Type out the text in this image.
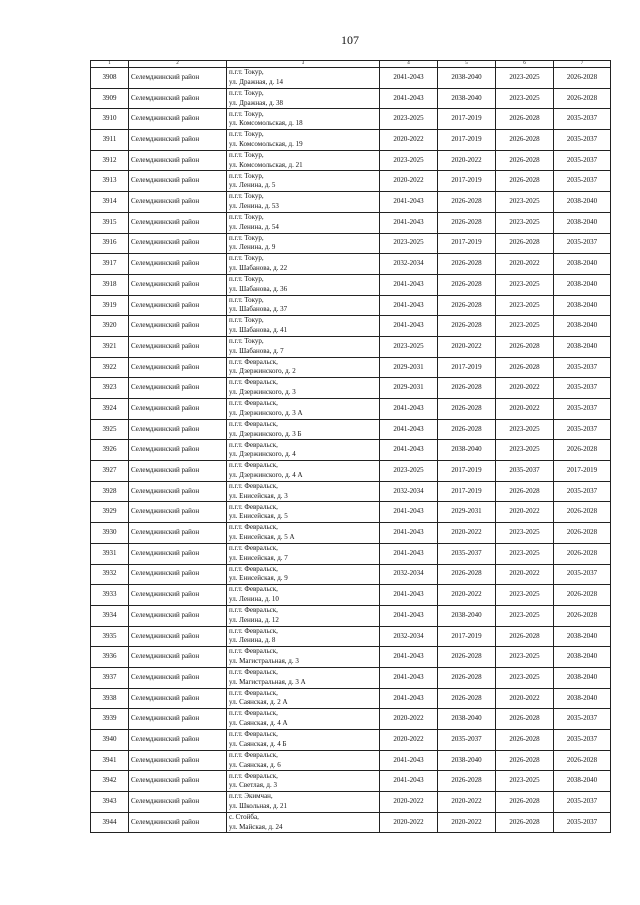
107
1	2	3	4	5	6	7
3908	Селемджинский район	п.г.т. Токур,
ул. Дражная, д. 14	2041-2043	2038-2040	2023-2025	2026-2028
3909	Селемджинский район	п.г.т. Токур,
ул. Дражная, д. 38	2041-2043	2038-2040	2023-2025	2026-2028
3910	Селемджинский район	п.г.т. Токур,
ул. Комсомольская, д. 18	2023-2025	2017-2019	2026-2028	2035-2037
3911	Селемджинский район	п.г.т. Токур,
ул. Комсомольская, д. 19	2020-2022	2017-2019	2026-2028	2035-2037
3912	Селемджинский район	п.г.т. Токур,
ул. Комсомольская, д. 21	2023-2025	2020-2022	2026-2028	2035-2037
3913	Селемджинский район	п.г.т. Токур,
ул. Ленина, д. 5	2020-2022	2017-2019	2026-2028	2035-2037
3914	Селемджинский район	п.г.т. Токур,
ул. Ленина, д. 53	2041-2043	2026-2028	2023-2025	2038-2040
3915	Селемджинский район	п.г.т. Токур,
ул. Ленина, д. 54	2041-2043	2026-2028	2023-2025	2038-2040
3916	Селемджинский район	п.г.т. Токур,
ул. Ленина, д. 9	2023-2025	2017-2019	2026-2028	2035-2037
3917	Селемджинский район	п.г.т. Токур,
ул. Шабанова, д. 22	2032-2034	2026-2028	2020-2022	2038-2040
3918	Селемджинский район	п.г.т. Токур,
ул. Шабанова, д. 36	2041-2043	2026-2028	2023-2025	2038-2040
3919	Селемджинский район	п.г.т. Токур,
ул. Шабанова, д. 37	2041-2043	2026-2028	2023-2025	2038-2040
3920	Селемджинский район	п.г.т. Токур,
ул. Шабанова, д. 41	2041-2043	2026-2028	2023-2025	2038-2040
3921	Селемджинский район	п.г.т. Токур,
ул. Шабанова, д. 7	2023-2025	2020-2022	2026-2028	2038-2040
3922	Селемджинский район	п.г.т. Февральск,
ул. Дзержинского, д. 2	2029-2031	2017-2019	2026-2028	2035-2037
3923	Селемджинский район	п.г.т. Февральск,
ул. Дзержинского, д. 3	2029-2031	2026-2028	2020-2022	2035-2037
3924	Селемджинский район	п.г.т. Февральск,
ул. Дзержинского, д. 3 А	2041-2043	2026-2028	2020-2022	2035-2037
3925	Селемджинский район	п.г.т. Февральск,
ул. Дзержинского, д. 3 Б	2041-2043	2026-2028	2023-2025	2035-2037
3926	Селемджинский район	п.г.т. Февральск,
ул. Дзержинского, д. 4	2041-2043	2038-2040	2023-2025	2026-2028
3927	Селемджинский район	п.г.т. Февральск,
ул. Дзержинского, д. 4 А	2023-2025	2017-2019	2035-2037	2017-2019
3928	Селемджинский район	п.г.т. Февральск,
ул. Енисейская, д. 3	2032-2034	2017-2019	2026-2028	2035-2037
3929	Селемджинский район	п.г.т. Февральск,
ул. Енисейская, д. 5	2041-2043	2029-2031	2020-2022	2026-2028
3930	Селемджинский район	п.г.т. Февральск,
ул. Енисейская, д. 5 А	2041-2043	2020-2022	2023-2025	2026-2028
3931	Селемджинский район	п.г.т. Февральск,
ул. Енисейская, д. 7	2041-2043	2035-2037	2023-2025	2026-2028
3932	Селемджинский район	п.г.т. Февральск,
ул. Енисейская, д. 9	2032-2034	2026-2028	2020-2022	2035-2037
3933	Селемджинский район	п.г.т. Февральск,
ул. Ленина, д. 10	2041-2043	2020-2022	2023-2025	2026-2028
3934	Селемджинский район	п.г.т. Февральск,
ул. Ленина, д. 12	2041-2043	2038-2040	2023-2025	2026-2028
3935	Селемджинский район	п.г.т. Февральск,
ул. Ленина, д. 8	2032-2034	2017-2019	2026-2028	2038-2040
3936	Селемджинский район	п.г.т. Февральск,
ул. Магистральная, д. 3	2041-2043	2026-2028	2023-2025	2038-2040
3937	Селемджинский район	п.г.т. Февральск,
ул. Магистральная, д. 3 А	2041-2043	2026-2028	2023-2025	2038-2040
3938	Селемджинский район	п.г.т. Февральск,
ул. Саянская, д. 2 А	2041-2043	2026-2028	2020-2022	2038-2040
3939	Селемджинский район	п.г.т. Февральск,
ул. Саянская, д. 4 А	2020-2022	2038-2040	2026-2028	2035-2037
3940	Селемджинский район	п.г.т. Февральск,
ул. Саянская, д. 4 Б	2020-2022	2035-2037	2026-2028	2035-2037
3941	Селемджинский район	п.г.т. Февральск,
ул. Саянская, д. 6	2041-2043	2038-2040	2026-2028	2026-2028
3942	Селемджинский район	п.г.т. Февральск,
ул. Светлая, д. 3	2041-2043	2026-2028	2023-2025	2038-2040
3943	Селемджинский район	п.г.т. Экимчан,
ул. Школьная, д. 21	2020-2022	2020-2022	2026-2028	2035-2037
3944	Селемджинский район	с. Стойба,
ул. Майская, д. 24	2020-2022	2020-2022	2026-2028	2035-2037
